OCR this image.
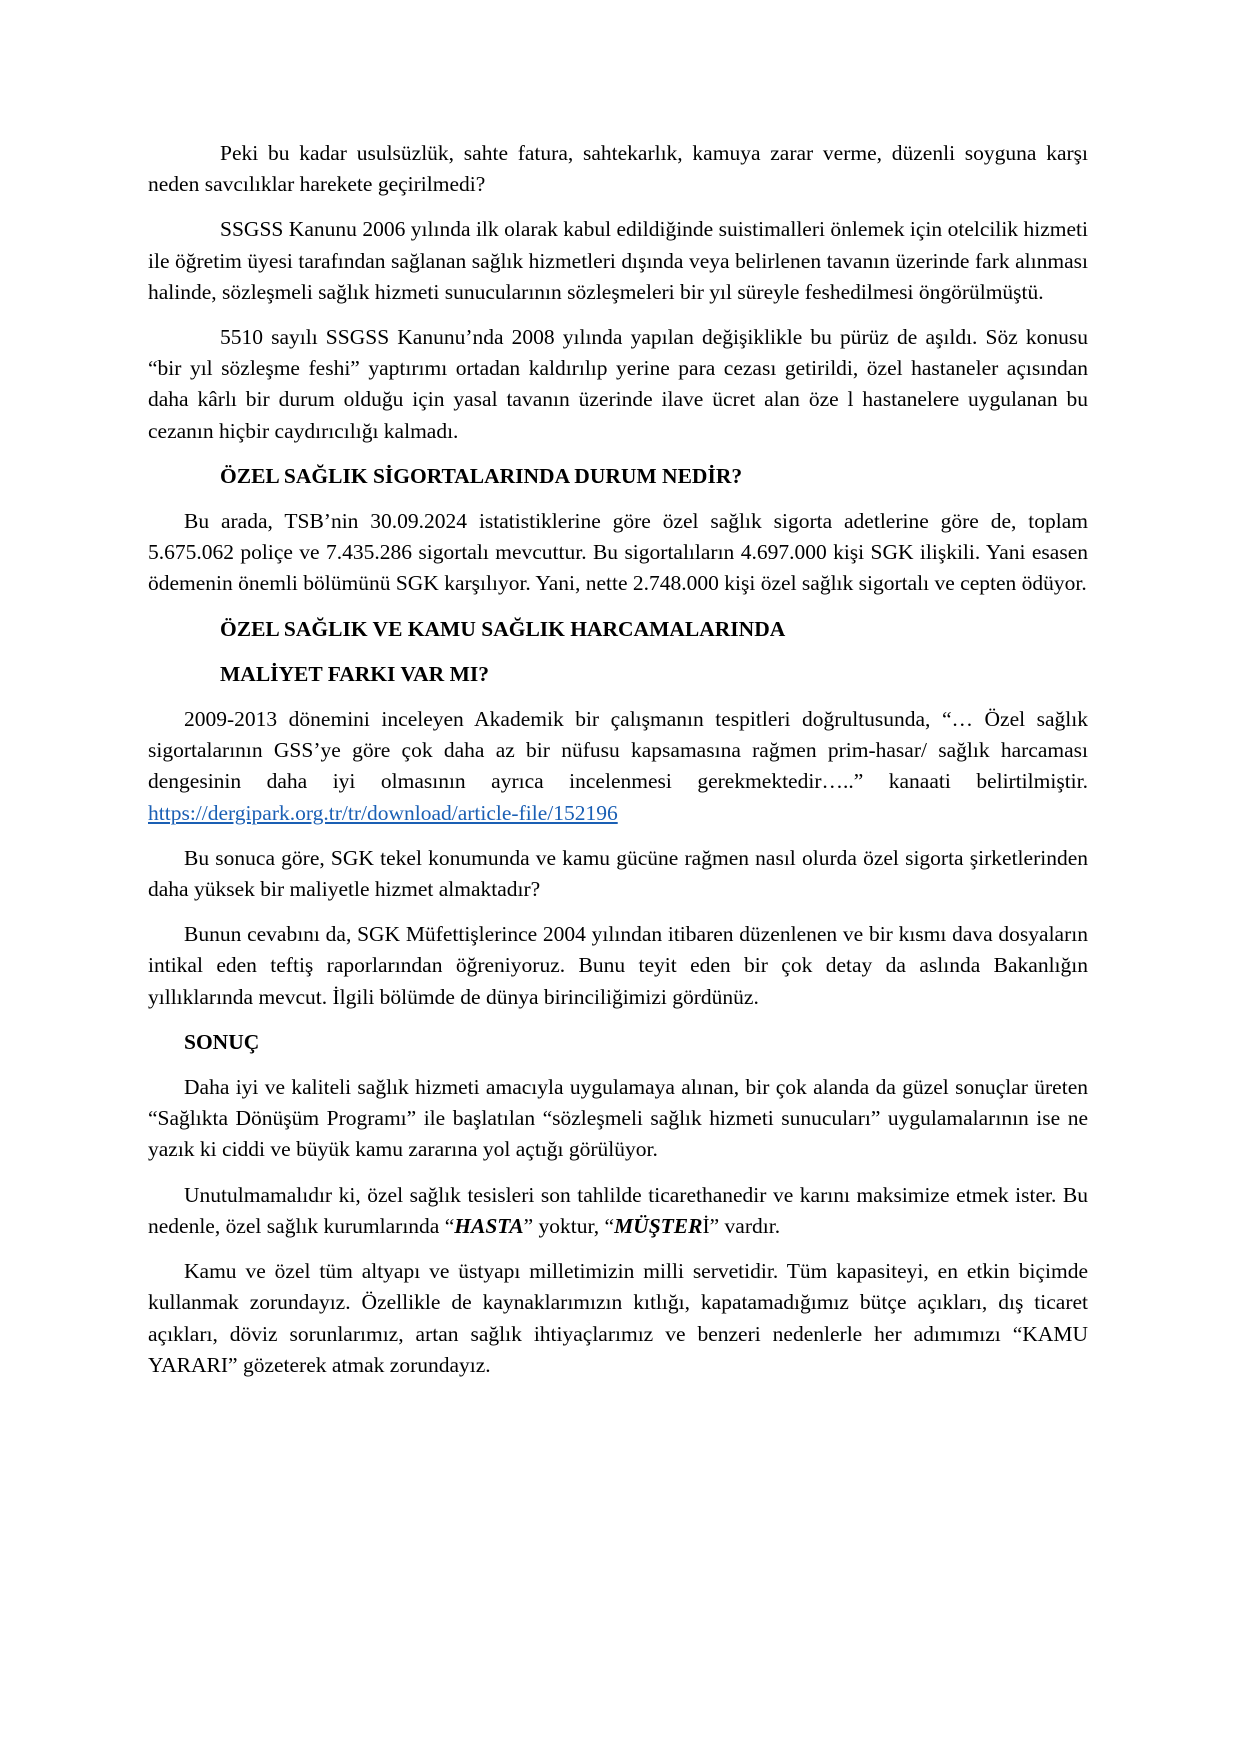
Peki bu kadar usulsüzlük, sahte fatura, sahtekarlık, kamuya zarar verme, düzenli soyguna karşı neden savcılıklar harekete geçirilmedi?

SSGSS Kanunu 2006 yılında ilk olarak kabul edildiğinde suistimalleri önlemek için otelcilik hizmeti ile öğretim üyesi tarafından sağlanan sağlık hizmetleri dışında veya belirlenen tavanın üzerinde fark alınması halinde, sözleşmeli sağlık hizmeti sunucularının sözleşmeleri bir yıl süreyle feshedilmesi öngörülmüştü.

5510 sayılı SSGSS Kanunu’nda 2008 yılında yapılan değişiklikle bu pürüz de aşıldı. Söz konusu “bir yıl sözleşme feshi” yaptırımı ortadan kaldırılıp yerine para cezası getirildi, özel hastaneler açısından daha kârlı bir durum olduğu için yasal tavanın üzerinde ilave ücret alan öze l hastanelere uygulanan bu cezanın hiçbir caydırıcılığı kalmadı.

ÖZEL SAĞLIK SİGORTALARINDA DURUM NEDİR?

Bu arada, TSB’nin 30.09.2024 istatistiklerine göre özel sağlık sigorta adetlerine göre de, toplam 5.675.062 poliçe ve 7.435.286 sigortalı mevcuttur. Bu sigortalıların 4.697.000 kişi SGK ilişkili. Yani esasen ödemenin önemli bölümünü SGK karşılıyor. Yani, nette 2.748.000 kişi özel sağlık sigortalı ve cepten ödüyor.

ÖZEL SAĞLIK VE KAMU SAĞLIK HARCAMALARINDA

MALİYET FARKI VAR MI?

2009-2013 dönemini inceleyen Akademik bir çalışmanın tespitleri doğrultusunda, “… Özel sağlık sigortalarının GSS’ye göre çok daha az bir nüfusu kapsamasına rağmen prim-hasar/ sağlık harcaması dengesinin daha iyi olmasının ayrıca incelenmesi gerekmektedir…..” kanaati belirtilmiştir. https://dergipark.org.tr/tr/download/article-file/152196

Bu sonuca göre, SGK tekel konumunda ve kamu gücüne rağmen nasıl olurda özel sigorta şirketlerinden daha yüksek bir maliyetle hizmet almaktadır?

Bunun cevabını da, SGK Müfettişlerince 2004 yılından itibaren düzenlenen ve bir kısmı dava dosyaların intikal eden teftiş raporlarından öğreniyoruz. Bunu teyit eden bir çok detay da aslında Bakanlığın yıllıklarında mevcut. İlgili bölümde de dünya birinciliğimizi gördünüz.

SONUÇ

Daha iyi ve kaliteli sağlık hizmeti amacıyla uygulamaya alınan, bir çok alanda da güzel sonuçlar üreten “Sağlıkta Dönüşüm Programı” ile başlatılan “sözleşmeli sağlık hizmeti sunucuları” uygulamalarının ise ne yazık ki ciddi ve büyük kamu zararına yol açtığı görülüyor.

Unutulmamalıdır ki, özel sağlık tesisleri son tahlilde ticarethanedir ve karını maksimize etmek ister. Bu nedenle, özel sağlık kurumlarında “HASTA” yoktur, “MÜŞTERİ” vardır.

Kamu ve özel tüm altyapı ve üstyapı milletimizin milli servetidir. Tüm kapasiteyi, en etkin biçimde kullanmak zorundayız. Özellikle de kaynaklarımızın kıtlığı, kapatamadığımız bütçe açıkları, dış ticaret açıkları, döviz sorunlarımız, artan sağlık ihtiyaçlarımız ve benzeri nedenlerle her adımımızı “KAMU YARARI” gözeterek atmak zorundayız.
